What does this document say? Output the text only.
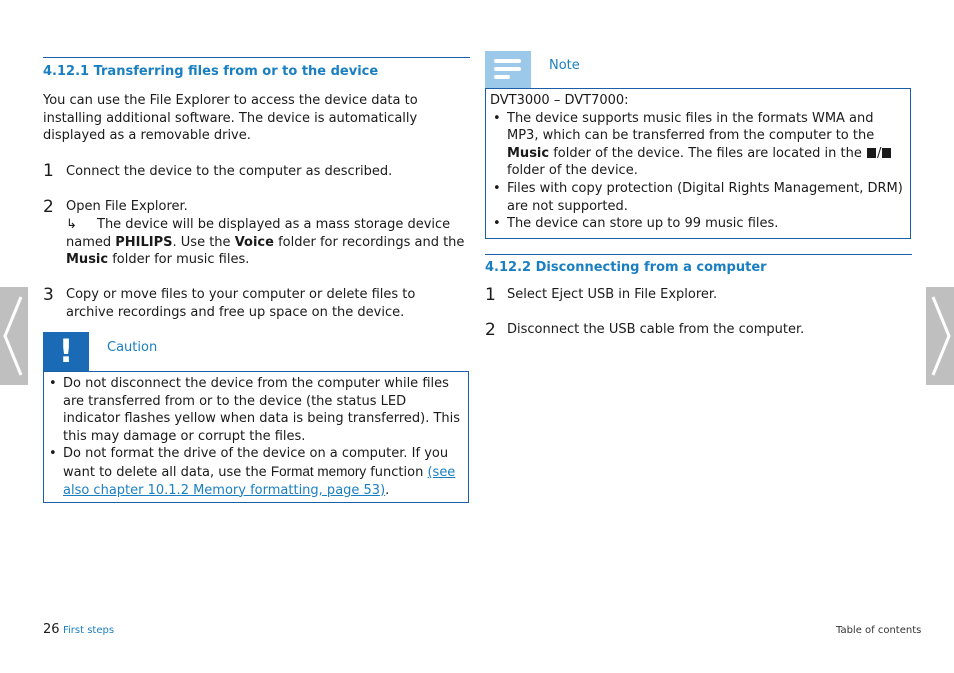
4.12.1 Transferring files from or to the device
You can use the File Explorer to access the device data to installing additional software. The device is automatically displayed as a removable drive.
1 Connect the device to the computer as described.
2 Open File Explorer.
↳ The device will be displayed as a mass storage device named PHILIPS. Use the Voice folder for recordings and the Music folder for music files.
3 Copy or move files to your computer or delete files to archive recordings and free up space on the device.
!	Caution
• Do not disconnect the device from the computer while files are transferred from or to the device (the status LED indicator flashes yellow when data is being transferred). This this may damage or corrupt the files.
• Do not format the drive of the device on a computer. If you want to delete all data, use the Format memory function (see also chapter 10.1.2 Memory formatting, page 53).
Note
DVT3000 – DVT7000:
• The device supports music files in the formats WMA and MP3, which can be transferred from the computer to the Music folder of the device. The files are located in the / folder of the device.
• Files with copy protection (Digital Rights Management, DRM) are not supported.
• The device can store up to 99 music files.
4.12.2 Disconnecting from a computer
1 Select Eject USB in File Explorer.
2 Disconnect the USB cable from the computer.
26 First steps	Table of contents
